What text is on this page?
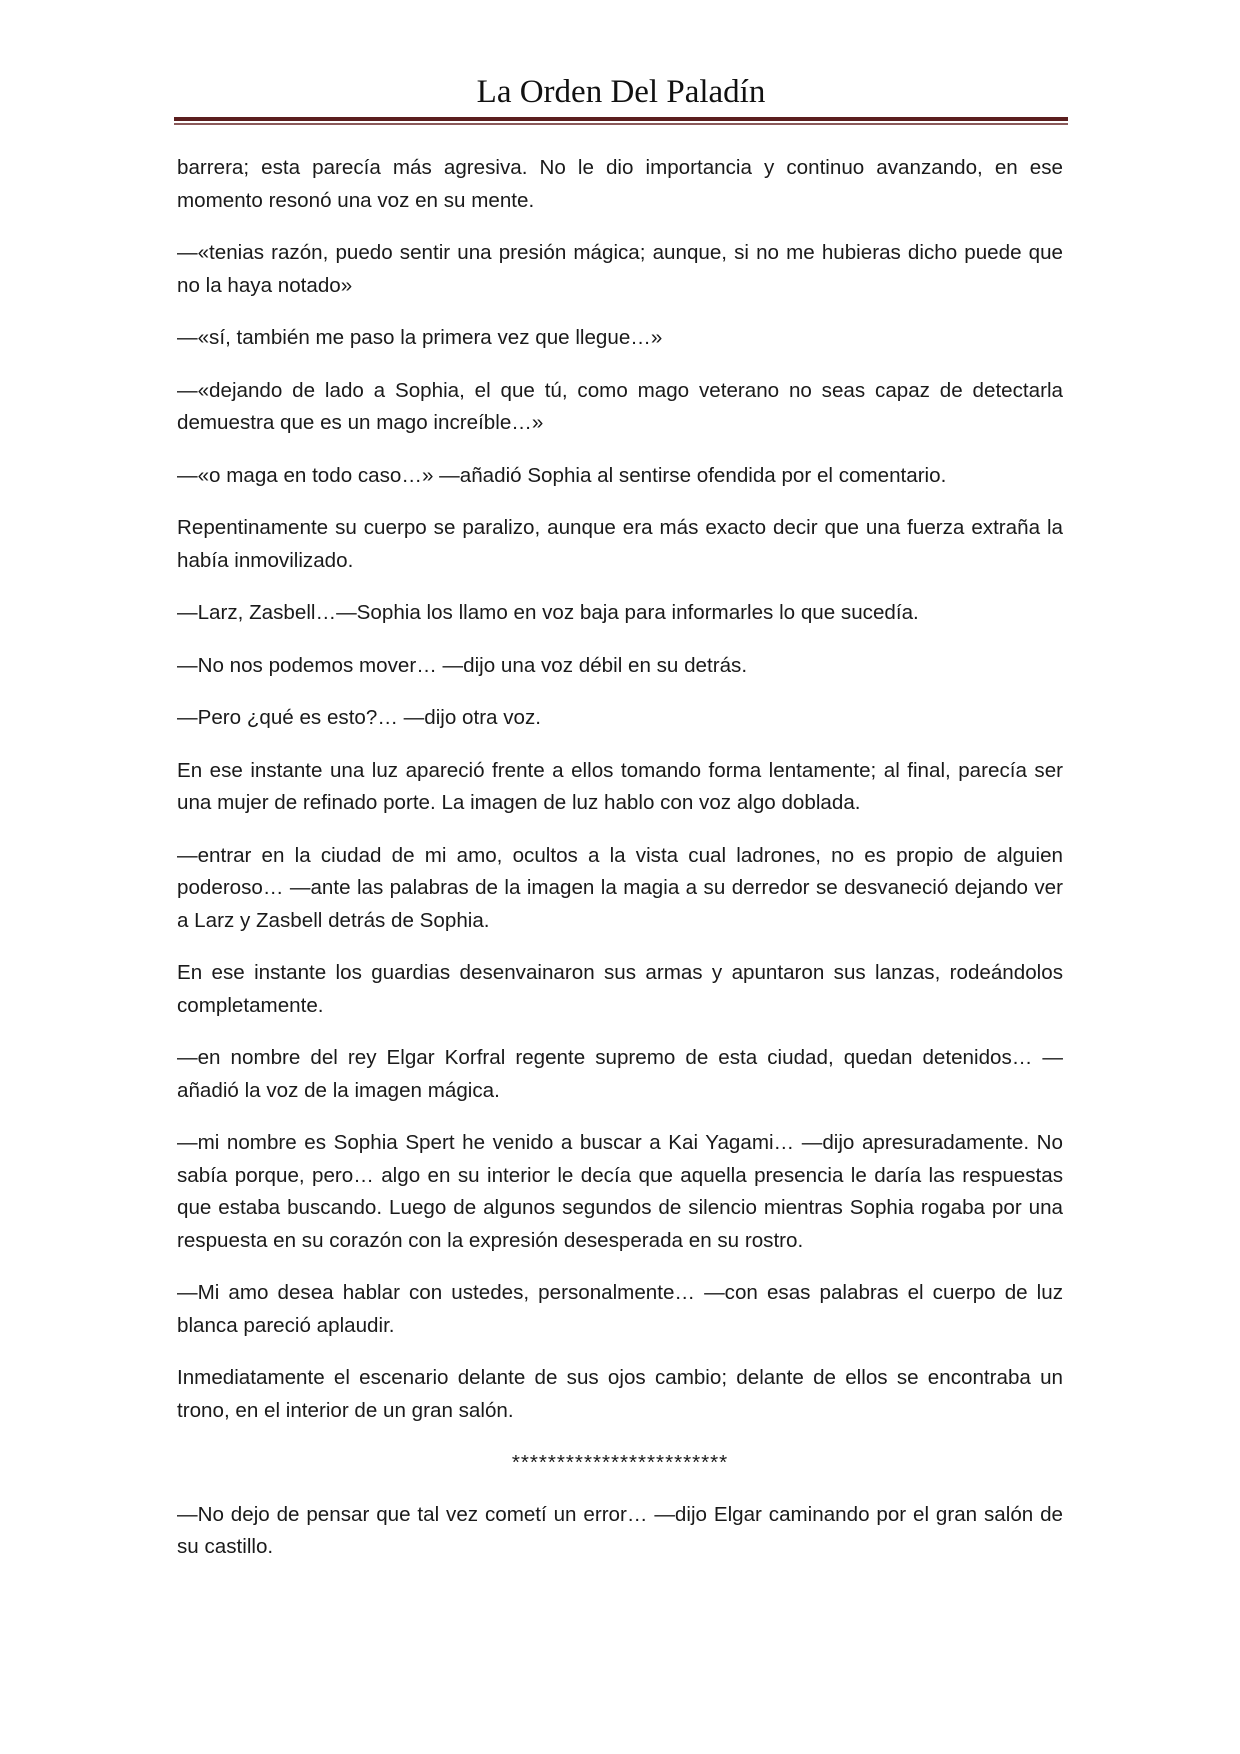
La Orden Del Paladín

barrera; esta parecía más agresiva. No le dio importancia y continuo avanzando, en ese momento resonó una voz en su mente.

—«tenias razón, puedo sentir una presión mágica; aunque, si no me hubieras dicho puede que no la haya notado»

—«sí, también me paso la primera vez que llegue…»

—«dejando de lado a Sophia, el que tú, como mago veterano no seas capaz de detectarla demuestra que es un mago increíble…»

—«o maga en todo caso…» —añadió Sophia al sentirse ofendida por el comentario.

Repentinamente su cuerpo se paralizo, aunque era más exacto decir que una fuerza extraña la había inmovilizado.

—Larz, Zasbell…—Sophia los llamo en voz baja para informarles lo que sucedía.

—No nos podemos mover… —dijo una voz débil en su detrás.

—Pero ¿qué es esto?… —dijo otra voz.

En ese instante una luz apareció frente a ellos tomando forma lentamente; al final, parecía ser una mujer de refinado porte. La imagen de luz hablo con voz algo doblada.

—entrar en la ciudad de mi amo, ocultos a la vista cual ladrones, no es propio de alguien poderoso… —ante las palabras de la imagen la magia a su derredor se desvaneció dejando ver a Larz y Zasbell detrás de Sophia.

En ese instante los guardias desenvainaron sus armas y apuntaron sus lanzas, rodeándolos completamente.

—en nombre del rey Elgar Korfral regente supremo de esta ciudad, quedan detenidos… —añadió la voz de la imagen mágica.

—mi nombre es Sophia Spert he venido a buscar a Kai Yagami… —dijo apresuradamente. No sabía porque, pero… algo en su interior le decía que aquella presencia le daría las respuestas que estaba buscando. Luego de algunos segundos de silencio mientras Sophia rogaba por una respuesta en su corazón con la expresión desesperada en su rostro.

—Mi amo desea hablar con ustedes, personalmente… —con esas palabras el cuerpo de luz blanca pareció aplaudir.

Inmediatamente el escenario delante de sus ojos cambio; delante de ellos se encontraba un trono, en el interior de un gran salón.

************************

—No dejo de pensar que tal vez cometí un error… —dijo Elgar caminando por el gran salón de su castillo.
